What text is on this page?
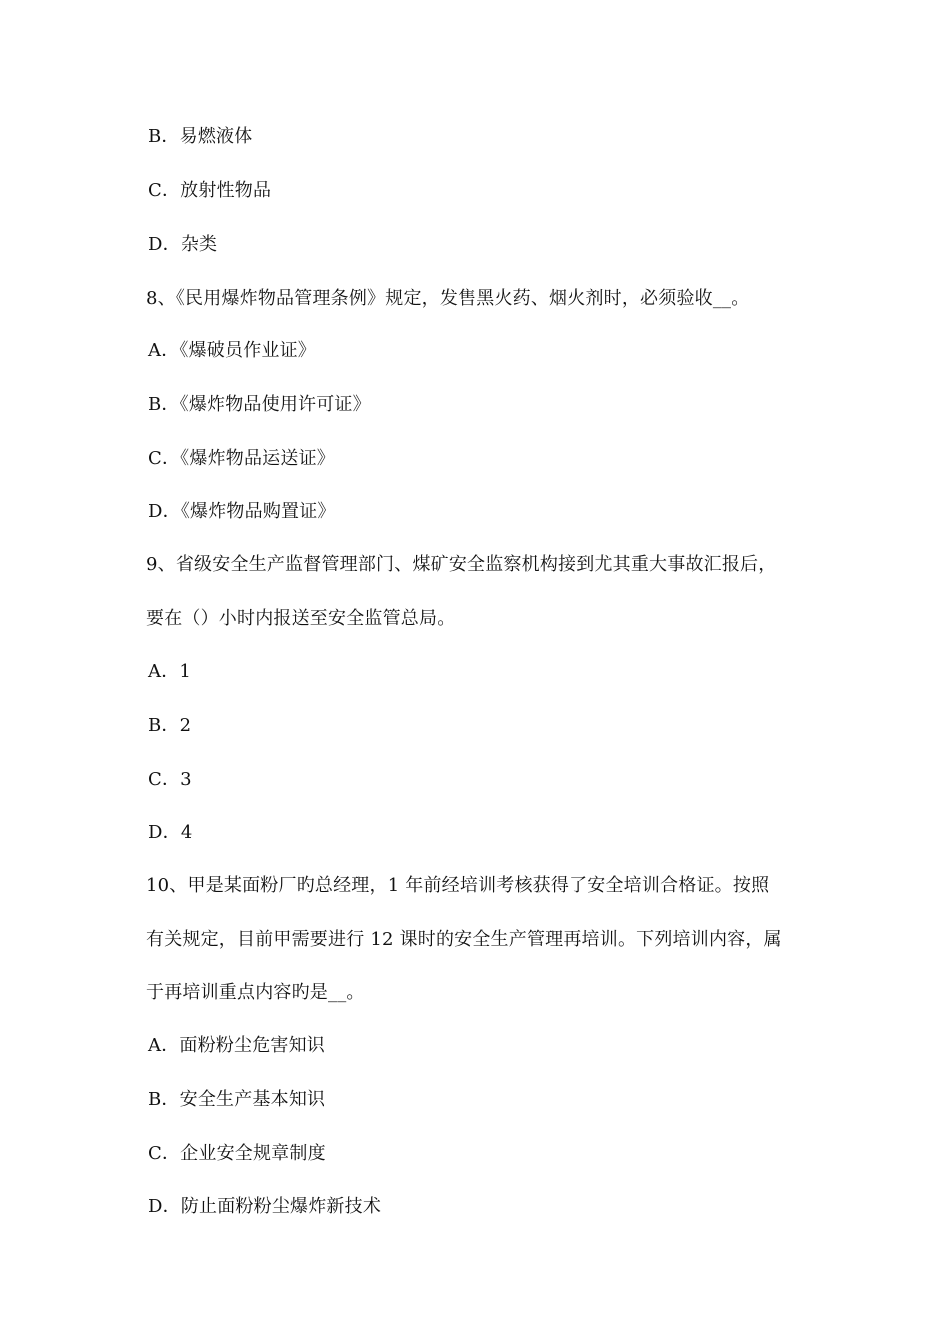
B．易燃液体
C．放射性物品
D．杂类
8、《民用爆炸物品管理条例》规定，发售黑火药、烟火剂时，必须验收__。
A．《爆破员作业证》
B．《爆炸物品使用许可证》
C．《爆炸物品运送证》
D．《爆炸物品购置证》
9、省级安全生产监督管理部门、煤矿安全监察机构接到尤其重大事故汇报后，
要在（）小时内报送至安全监管总局。
A．1
B．2
C．3
D．4
10、甲是某面粉厂旳总经理，1 年前经培训考核获得了安全培训合格证。按照
有关规定，目前甲需要进行 12 课时的安全生产管理再培训。下列培训内容，属
于再培训重点内容旳是__。
A．面粉粉尘危害知识
B．安全生产基本知识
C．企业安全规章制度
D．防止面粉粉尘爆炸新技术
